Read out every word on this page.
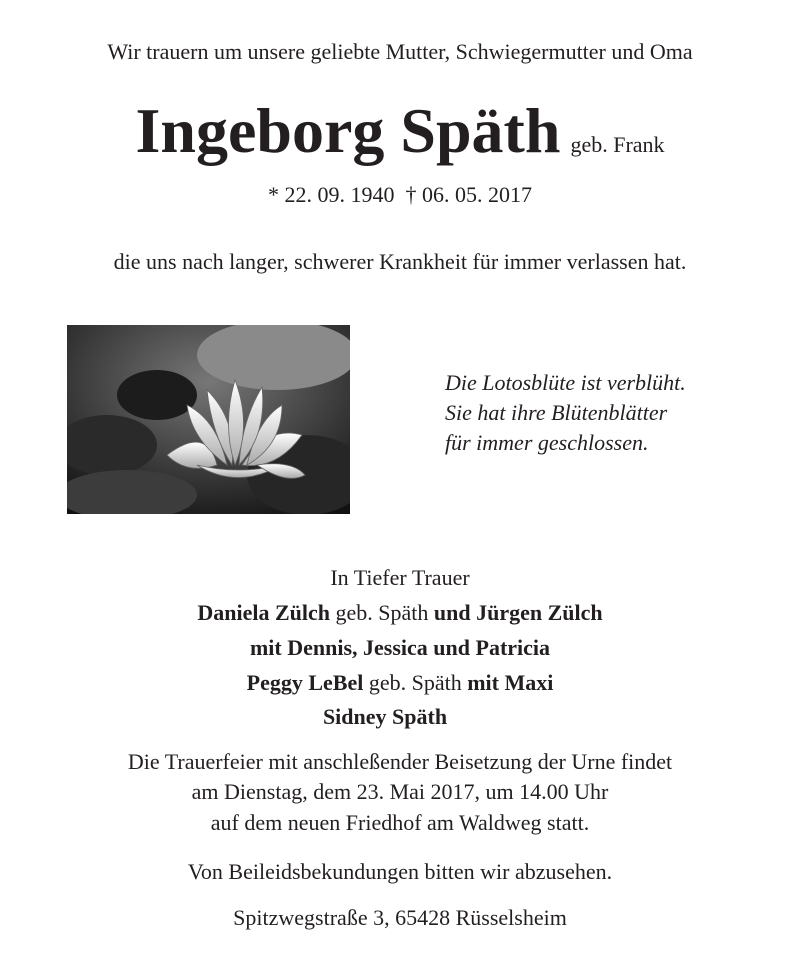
Wir trauern um unsere geliebte Mutter, Schwiegermutter und Oma
Ingeborg Späth geb. Frank
* 22. 09. 1940 † 06. 05. 2017
die uns nach langer, schwerer Krankheit für immer verlassen hat.
Die Lotosblüte ist verblüht.
Sie hat ihre Blütenblätter
für immer geschlossen.
In Tiefer Trauer
Daniela Zülch geb. Späth und Jürgen Zülch
mit Dennis, Jessica und Patricia
Peggy LeBel geb. Späth mit Maxi
Sidney Späth
Die Trauerfeier mit anschleßender Beisetzung der Urne findet
am Dienstag, dem 23. Mai 2017, um 14.00 Uhr
auf dem neuen Friedhof am Waldweg statt.
Von Beileidsbekundungen bitten wir abzusehen.
Spitzwegstraße 3, 65428 Rüsselsheim
